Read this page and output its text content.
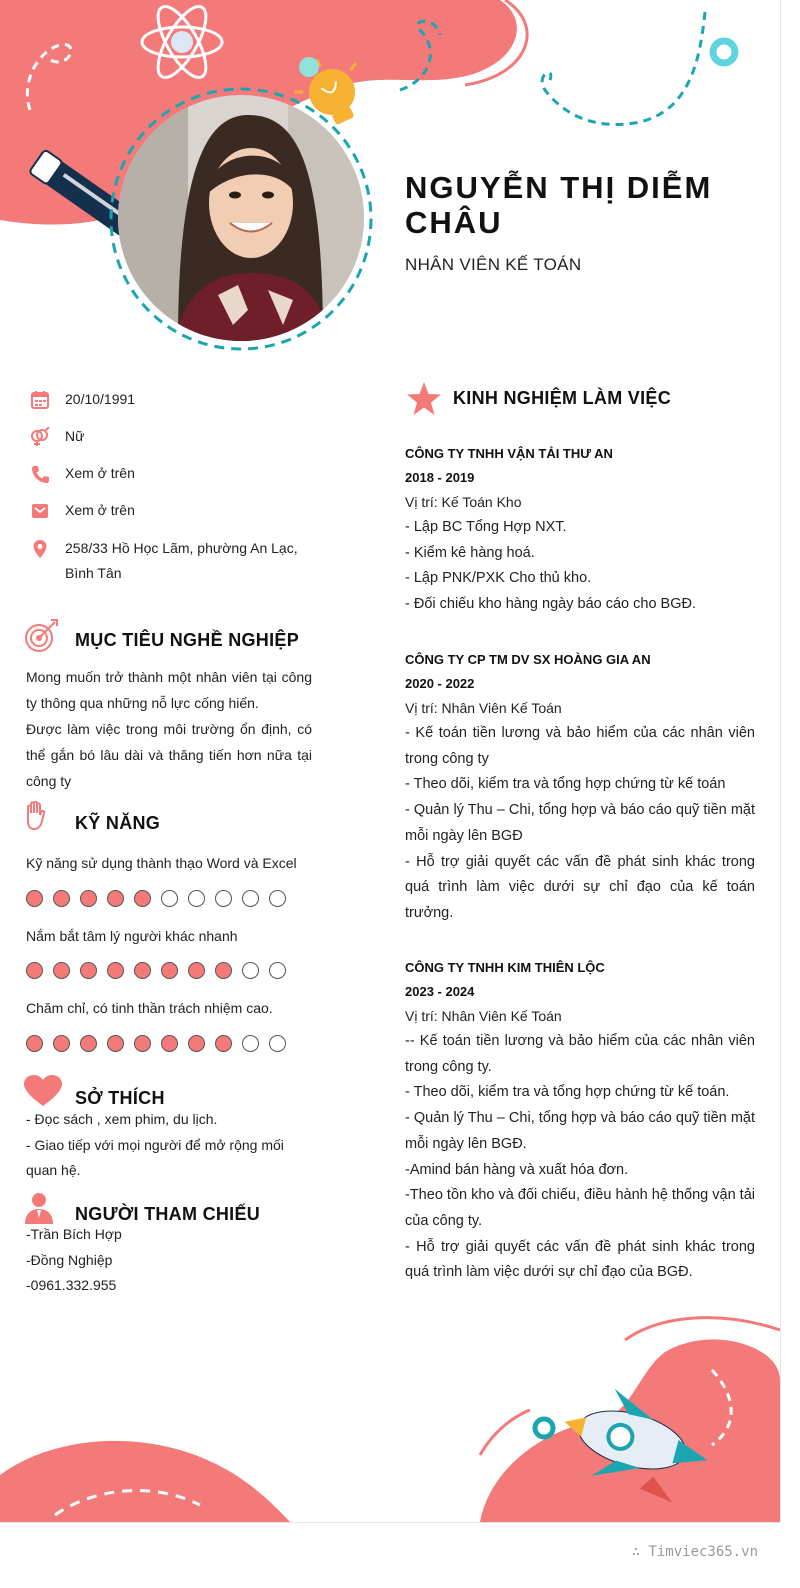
NGUYỄN THỊ DIỄM CHÂU
NHÂN VIÊN KẾ TOÁN
20/10/1991
Nữ
Xem ở trên
Xem ở trên
258/33 Hồ Học Lãm, phường An Lạc, Bình Tân
MỤC TIÊU NGHỀ NGHIỆP
Mong muốn trở thành một nhân viên tại công ty thông qua những nỗ lực cống hiến.
Được làm việc trong môi trường ổn định, có thể gắn bó lâu dài và thăng tiến hơn nữa tại công ty
KỸ NĂNG
Kỹ năng sử dụng thành thạo Word và Excel
Nắm bắt tâm lý người khác nhanh
Chăm chỉ, có tinh thần trách nhiệm cao.
SỞ THÍCH
- Đọc sách , xem phim, du lịch.
- Giao tiếp với mọi người để mở rộng mối quan hệ.
NGƯỜI THAM CHIẾU
-Trần Bích Hợp
-Đồng Nghiệp
-0961.332.955
KINH NGHIỆM LÀM VIỆC
CÔNG TY TNHH VẬN TẢI THƯ AN
2018 - 2019
Vị trí: Kế Toán Kho
- Lập BC Tổng Hợp NXT.
- Kiểm kê hàng hoá.
- Lập PNK/PXK Cho thủ kho.
- Đối chiếu kho hàng ngày báo cáo cho BGĐ.
CÔNG TY CP TM DV SX HOÀNG GIA AN
2020 - 2022
Vị trí: Nhân Viên Kế Toán
- Kế toán tiền lương và bảo hiểm của các nhân viên trong công ty
- Theo dõi, kiểm tra và tổng hợp chứng từ kế toán
- Quản lý Thu – Chi, tổng hợp và báo cáo quỹ tiền mặt mỗi ngày lên BGĐ
- Hỗ trợ giải quyết các vấn đề phát sinh khác trong quá trình làm việc dưới sự chỉ đạo của kế toán trưởng.
CÔNG TY TNHH KIM THIÊN LỘC
2023 - 2024
Vị trí: Nhân Viên Kế Toán
-- Kế toán tiền lương và bảo hiểm của các nhân viên trong công ty.
- Theo dõi, kiểm tra và tổng hợp chứng từ kế toán.
- Quản lý Thu – Chi, tổng hợp và báo cáo quỹ tiền mặt mỗi ngày lên BGĐ.
-Amind bán hàng và xuất hóa đơn.
-Theo tồn kho và đối chiếu, điều hành hệ thống vận tải của công ty.
- Hỗ trợ giải quyết các vấn đề phát sinh khác trong quá trình làm việc dưới sự chỉ đạo của BGĐ.
∴ Timviec365.vn
